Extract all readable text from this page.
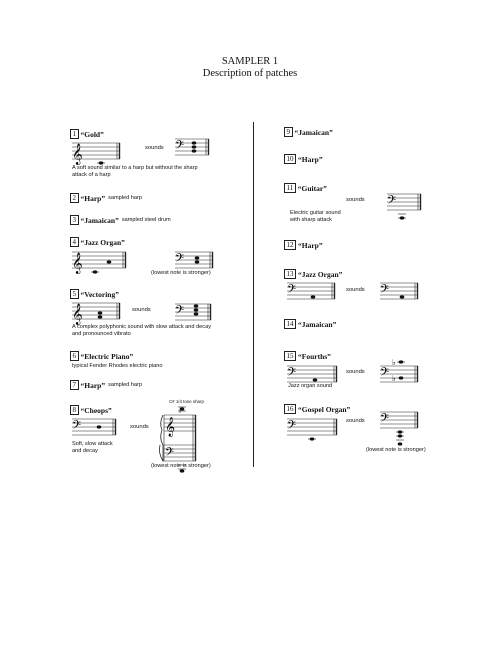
SAMPLER 1
Description of patches
1 “Gold”
𝄞	sounds 𝄢
A soft sound similar to a harp but without the sharp attack of a harp
2 “Harp” sampled harp
3 “Jamaican” sampled steel drum
4 “Jazz Organ”
𝄞	𝄢
(lowest note is stronger)
5 “Vectoring”
𝄞	sounds 𝄢
A complex polyphonic sound with slow attack and decay and pronounced vibrato
6 “Electric Piano”
typical Fender Rhodes electric piano
7 “Harp” sampled harp
8 “Cheops”
𝄢	sounds
Soft, slow attack and decay
C# 1/4 tone sharp
𝄞
𝄢
(lowest note is stronger)
9 “Jamaican”
10 “Harp”
11 “Guitar”
Electric guitar sound with sharp attack
sounds 𝄢
12 “Harp”
13 “Jazz Organ”
𝄢	sounds 𝄢
14 “Jamaican”
15 “Fourths”
𝄢	sounds 𝄢
♭
♭
Jazz organ sound
16 “Gospel Organ”
𝄢	sounds 𝄢
(lowest note is stronger)
